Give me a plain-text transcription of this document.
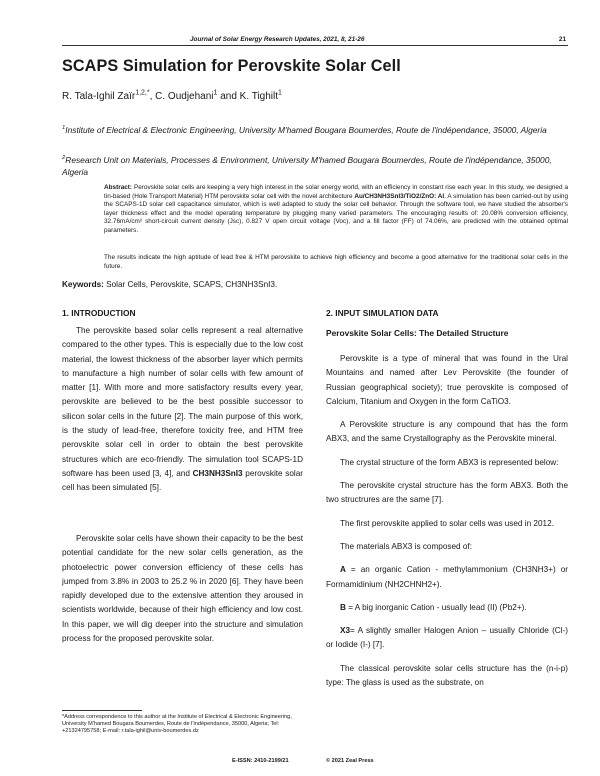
Journal of Solar Energy Research Updates, 2021, 8, 21-26	21
SCAPS Simulation for Perovskite Solar Cell
R. Tala-Ighil Zaïr$^{1,2,*}$, C. Oudjehani$^1$ and K. Tighilt$^1$
$^1$Institute of Electrical & Electronic Engineering, University M'hamed Bougara Boumerdes, Route de l'indépendance, 35000, Algeria
$^2$Research Unit on Materials, Processes & Environment, University M'hamed Bougara Boumerdes, Route de l'indépendance, 35000, Algeria
Abstract: Perovskite solar cells are keeping a very high interest in the solar energy world, with an efficiency in constant rise each year. In this study, we designed a tin-based (Hole Transport Material) HTM perovskite solar cell with the novel architecture Au/CH3NH3SnI3/TiO2/ZnO: Al. A simulation has been carried-out by using the SCAPS-1D solar cell capacitance simulator, which is well adapted to study the solar cell behavior. Through the software tool, we have studied the absorber's layer thickness effect and the model operating temperature by plugging many varied parameters. The encouraging results of: 20.08% conversion efficiency, 32.76mA/cm² short-circuit current density (Jsc), 0.827 V open circuit voltage (Voc), and a fill factor (FF) of 74.06%, are predicted with the obtained optimal parameters.
The results indicate the high aptitude of lead free & HTM perovskite to achieve high efficiency and become a good alternative for the traditional solar cells in the future.
Keywords: Solar Cells, Perovskite, SCAPS, CH3NH3SnI3.
1. INTRODUCTION

The perovskite based solar cells represent a real alternative compared to the other types. This is especially due to the low cost material, the lowest thickness of the absorber layer which permits to manufacture a high number of solar cells with few amount of matter [1]. With more and more satisfactory results every year, perovskite are believed to be the best possible successor to silicon solar cells in the future [2]. The main purpose of this work, is the study of lead-free, therefore toxicity free, and HTM free perovskite solar cell in order to obtain the best perovskite structures which are eco-friendly. The simulation tool SCAPS-1D software has been used [3, 4], and CH3NH3SnI3 perovskite solar cell has been simulated [5].

Perovskite solar cells have shown their capacity to be the best potential candidate for the new solar cells generation, as the photoelectric power conversion efficiency of these cells has jumped from 3.8% in 2003 to 25.2 % in 2020 [6]. They have been rapidly developed due to the extensive attention they aroused in scientists worldwide, because of their high efficiency and low cost. In this paper, we will dig deeper into the structure and simulation process for the proposed perovskite solar.

*Address correspondence to this author at the Institute of Electrical & Electronic Engineering, University M'hamed Bougara Boumerdes, Route de l'indépendance, 35000, Algeria; Tel: +21324795758; E-mail: r.tala-ighil@univ-boumerdes.dz
2. INPUT SIMULATION DATA
Perovskite Solar Cells: The Detailed Structure

Perovskite is a type of mineral that was found in the Ural Mountains and named after Lev Perovskite (the founder of Russian geographical society); true perovskite is composed of Calcium, Titanium and Oxygen in the form CaTiO3.

A Perovskite structure is any compound that has the form ABX3, and the same Crystallography as the Perovskite mineral.

The crystal structure of the form ABX3 is represented below:

The perovskite crystal structure has the form ABX3. Both the two structrures are the same [7].

The first perovskite applied to solar cells was used in 2012.

The materials ABX3 is composed of:

A = an organic Cation - methylammonium (CH3NH3+) or Formamidinium (NH2CHNH2+).

B = A big inorganic Cation - usually lead (II) (Pb2+).

X3= A slightly smaller Halogen Anion – usually Chloride (Cl-) or Iodide (I-) [7].

The classical perovskite solar cells structure has the (n-i-p) type: The glass is used as the substrate, on

E-ISSN: 2410-2199/21	© 2021 Zeal Press
